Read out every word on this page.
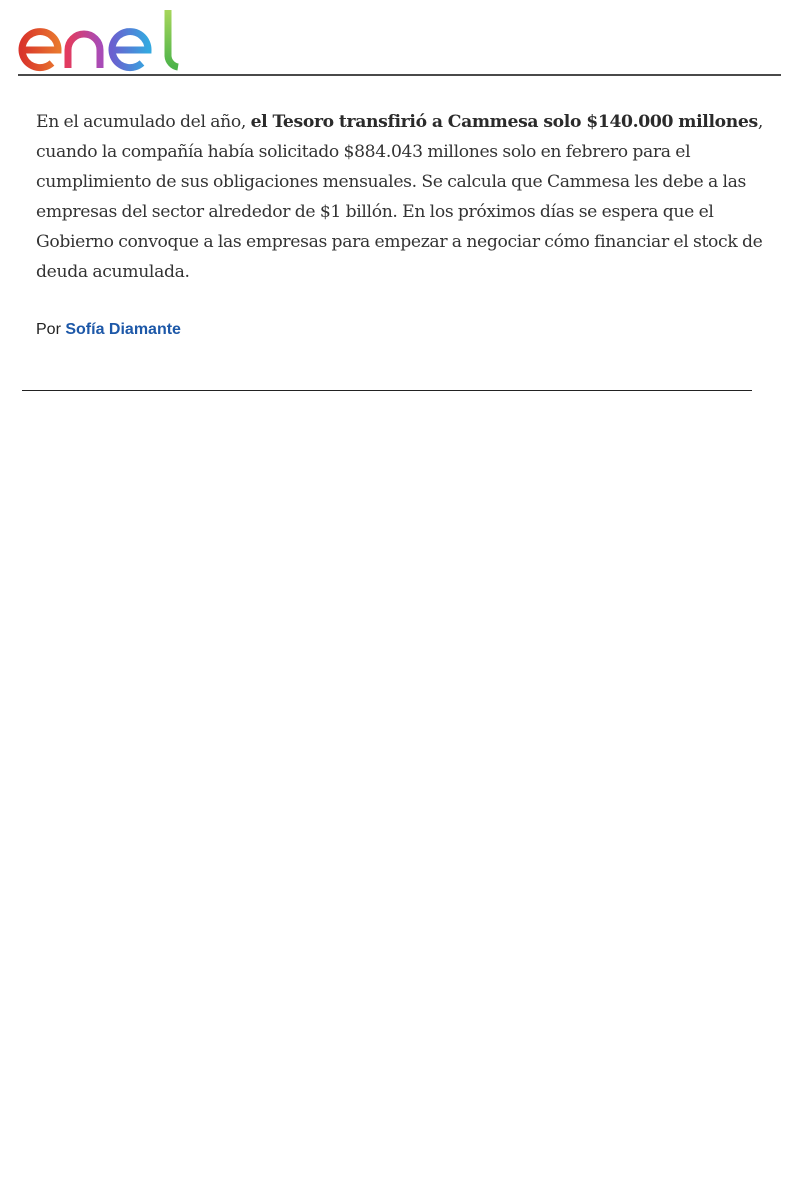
En el acumulado del año, el Tesoro transfirió a Cammesa solo $140.000 millones, cuando la compañía había solicitado $884.043 millones solo en febrero para el cumplimiento de sus obligaciones mensuales. Se calcula que Cammesa les debe a las empresas del sector alrededor de $1 billón. En los próximos días se espera que el Gobierno convoque a las empresas para empezar a negociar cómo financiar el stock de deuda acumulada.

Por Sofía Diamante
